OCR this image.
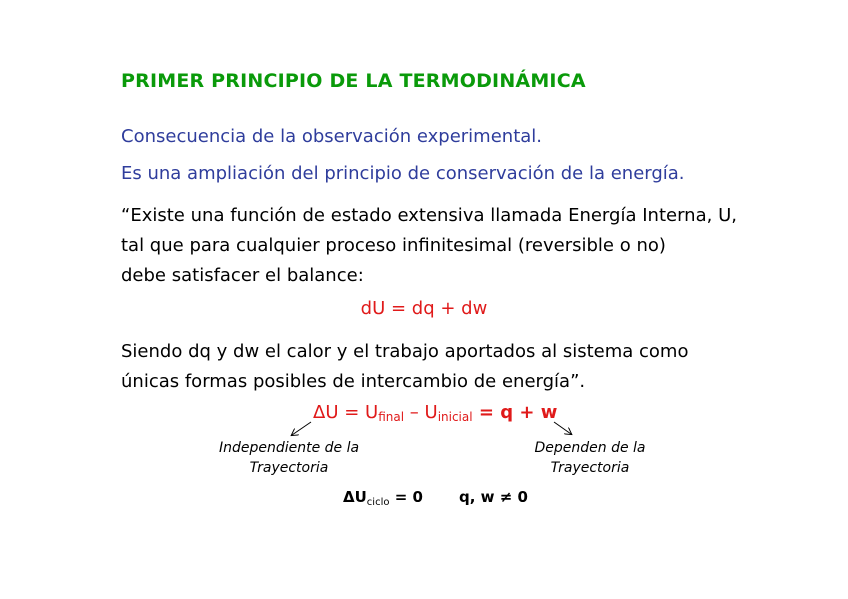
PRIMER PRINCIPIO DE LA TERMODINÁMICA
Consecuencia de la observación experimental.
Es una ampliación del principio de conservación de la energía.
“Existe una función de estado extensiva llamada Energía Interna, U, tal que para cualquier proceso infinitesimal (reversible o no)
debe satisfacer el balance:
dU = dq + dw
Siendo dq y dw el calor y el trabajo aportados al sistema como únicas formas posibles de intercambio de energía”.
$\Delta U = U_{final} - U_{inicial} = q + w$
Independiente de la
Trayectoria
Dependen de la
Trayectoria
$\Delta U_{ciclo} = 0$ q, w ≠ 0
